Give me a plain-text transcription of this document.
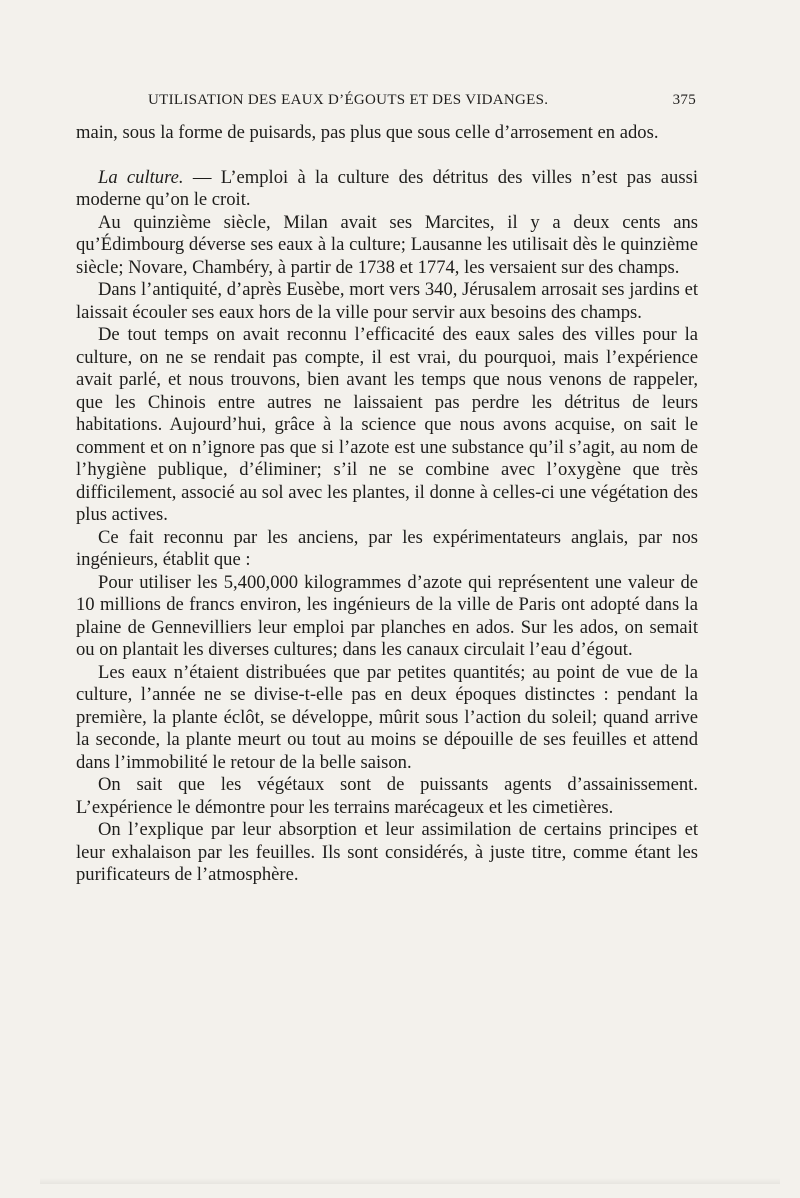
UTILISATION DES EAUX D’ÉGOUTS ET DES VIDANGES.	375

main, sous la forme de puisards, pas plus que sous celle d’arrosement en ados.

La culture. — L’emploi à la culture des détritus des villes n’est pas aussi moderne qu’on le croit.

Au quinzième siècle, Milan avait ses Marcites, il y a deux cents ans qu’Édimbourg déverse ses eaux à la culture; Lausanne les utilisait dès le quinzième siècle; Novare, Chambéry, à partir de 1738 et 1774, les versaient sur des champs.

Dans l’antiquité, d’après Eusèbe, mort vers 340, Jérusalem arrosait ses jardins et laissait écouler ses eaux hors de la ville pour servir aux besoins des champs.

De tout temps on avait reconnu l’efficacité des eaux sales des villes pour la culture, on ne se rendait pas compte, il est vrai, du pourquoi, mais l’expérience avait parlé, et nous trouvons, bien avant les temps que nous venons de rappeler, que les Chinois entre autres ne laissaient pas perdre les détritus de leurs habitations. Aujourd’hui, grâce à la science que nous avons acquise, on sait le comment et on n’ignore pas que si l’azote est une substance qu’il s’agit, au nom de l’hygiène publique, d’éliminer; s’il ne se combine avec l’oxygène que très difficilement, associé au sol avec les plantes, il donne à celles-ci une végétation des plus actives.

Ce fait reconnu par les anciens, par les expérimentateurs anglais, par nos ingénieurs, établit que :

Pour utiliser les 5,400,000 kilogrammes d’azote qui représentent une valeur de 10 millions de francs environ, les ingénieurs de la ville de Paris ont adopté dans la plaine de Gennevilliers leur emploi par planches en ados. Sur les ados, on semait ou on plantait les diverses cultures; dans les canaux circulait l’eau d’égout.

Les eaux n’étaient distribuées que par petites quantités; au point de vue de la culture, l’année ne se divise-t-elle pas en deux époques distinctes : pendant la première, la plante éclôt, se développe, mûrit sous l’action du soleil; quand arrive la seconde, la plante meurt ou tout au moins se dépouille de ses feuilles et attend dans l’immobilité le retour de la belle saison.

On sait que les végétaux sont de puissants agents d’assainissement. L’expérience le démontre pour les terrains marécageux et les cimetières.

On l’explique par leur absorption et leur assimilation de certains principes et leur exhalaison par les feuilles. Ils sont considérés, à juste titre, comme étant les purificateurs de l’atmosphère.
